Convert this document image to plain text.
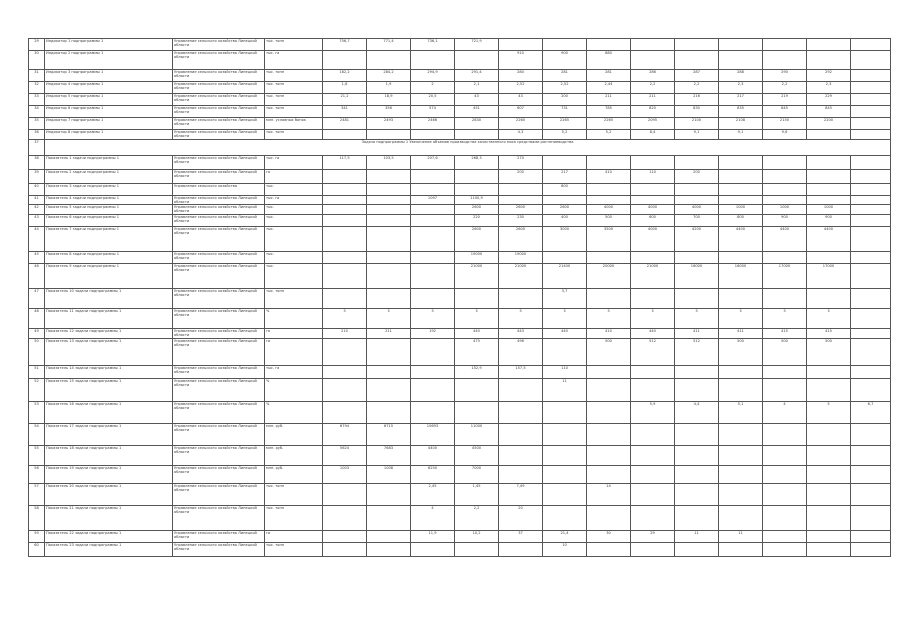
29	Индикатор 1 подпрограммы 1	Управление сельского хозяйства Липецкой области	тыс. тонн	756,7	771,4	736,1	721,9									
30	Индикатор 2 подпрограммы 1	Управление сельского хозяйства Липецкой области	тыс. га					910	900	880						
31	Индикатор 3 подпрограммы 1	Управление сельского хозяйства Липецкой области	тыс. тонн	182,2	284,2	294,9	291,4	280	281	281	286	287	288	290	292	
32	Индикатор 4 подпрограммы 1	Управление сельского хозяйства Липецкой области	тыс. тонн	1,8	1,9	2	2,1	2,52	2,52	2,44	2,2	2,2	2,3	2,2	2,3	
33	Индикатор 5 подпрограммы 1	Управление сельского хозяйства Липецкой области	тыс. тонн	21,2	18,9	20,5	43	43	200	211	211	216	217	219	229	
34	Индикатор 6 подпрограммы 1	Управление сельского хозяйства Липецкой области	тыс. тонн	341	356	574	451	607	731	785	820	830	835	845	845	
35	Индикатор 7 подпрограммы 1	Управление сельского хозяйства Липецкой области	млн. условных банок	2481	2493	2466	2830	2260	2265	2265	2095	2100	2108	2150	2200	
36	Индикатор 8 подпрограммы 1	Управление сельского хозяйства Липецкой области	тыс. тонн					4,3	5,2	5,2	8,4	9,1	9,1	9,6		
37	Задача подпрограммы 1 Увеличение объемов производства качественного мяса средствами растениеводства															
38	Показатель 1 задачи подпрограммы 1	Управление сельского хозяйства Липецкой области	тыс. га	117,5	103,5	207,6	268,3	270								
39	Показатель 2 задачи подпрограммы 1	Управление сельского хозяйства Липецкой области	га					200	217	410	110	200				
40	Показатель 3 задачи подпрограммы 1	Управление сельского хозяйства	тыс.						800							
41	Показатель 4 задачи подпрограммы 1	Управление сельского хозяйства Липецкой области	тыс. га			1097	1100,9									
42	Показатель 5 задачи подпрограммы 1	Управление сельского хозяйства Липецкой области	тыс.				2600	2600	2600	4000	4000	4000	1000	1000	1000	
43	Показатель 6 задачи подпрограммы 1	Управление сельского хозяйства Липецкой области	тыс.				220	230	400	500	600	700	800	900	900	
44	Показатель 7 задачи подпрограммы 1	Управление сельского хозяйства Липецкой области	тыс.				2600	2600	3000	3500	4000	4200	4400	4400	4400	
45	Показатель 8 задачи подпрограммы 1	Управление сельского хозяйства Липецкой области	тыс.				19000	19000								
46	Показатель 9 задачи подпрограммы 1	Управление сельского хозяйства Липецкой области	тыс.				21000	21000	21400	20000	21000	16000	16000	17000	17000	
47	Показатель 10 задачи подпрограммы 1	Управление сельского хозяйства Липецкой области	тыс. тонн						3,7							
48	Показатель 11 задачи подпрограммы 1	Управление сельского хозяйства Липецкой области	%	3	3	3	3	3	3	3	3	3	3	3	3	
49	Показатель 12 задачи подпрограммы 1	Управление сельского хозяйства Липецкой области	га	210	211	192	440	443	440	410	440	411	411	415	415	
50	Показатель 13 задачи подпрограммы 1	Управление сельского хозяйства Липецкой области	га				475	496		500	512	512	500	500	500	
51	Показатель 14 задачи подпрограммы 1	Управление сельского хозяйства Липецкой области	тыс. га				152,9	157,5	110							
52	Показатель 15 задачи подпрограммы 1	Управление сельского хозяйства Липецкой области	%						11							
53	Показатель 16 задачи подпрограммы 1	Управление сельского хозяйства Липецкой области	%								5,9	4,4	5,1	4	5	6,7
54	Показатель 17 задачи подпрограммы 1	Управление сельского хозяйства Липецкой области	млн. руб.	6794	6715	10693	11000									
55	Показатель 18 задачи подпрограммы 1	Управление сельского хозяйства Липецкой области	млн. руб.	5624	7683	4400	4500									
56	Показатель 19 задачи подпрограммы 1	Управление сельского хозяйства Липецкой области	млн. руб.	1003	1008	6250	7000									
57	Показатель 20 задачи подпрограммы 1	Управление сельского хозяйства Липецкой области	тыс. тонн			2,45	1,45	7,49		14						
58	Показатель 21 задачи подпрограммы 1	Управление сельского хозяйства Липецкой области	тыс. тонн			4	2,2	20								
59	Показатель 22 задачи подпрограммы 1	Управление сельского хозяйства Липецкой области	га			11,9	10,2	37	21,4	30	29	11	11			
60	Показатель 23 задачи подпрограммы 1	Управление сельского хозяйства Липецкой области	тыс. тонн						10							
